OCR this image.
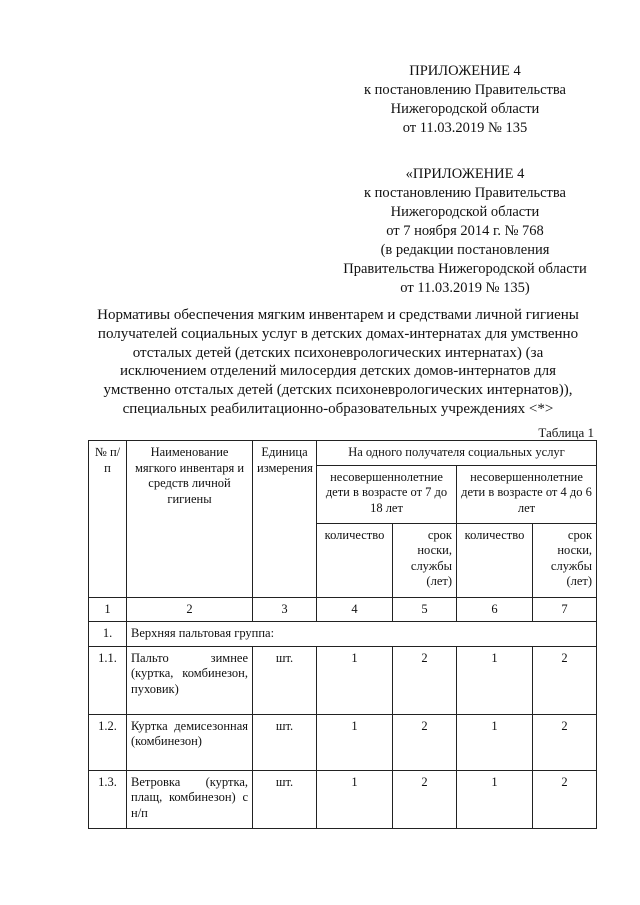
ПРИЛОЖЕНИЕ 4
к постановлению Правительства
Нижегородской области
от 11.03.2019 № 135
«ПРИЛОЖЕНИЕ 4
к постановлению Правительства
Нижегородской области
от 7 ноября 2014 г. № 768
(в редакции постановления
Правительства Нижегородской области
от 11.03.2019 № 135)
Нормативы обеспечения мягким инвентарем и средствами личной гигиены
получателей социальных услуг в детских домах-интернатах для умственно
отсталых детей (детских психоневрологических интернатах) (за
исключением отделений милосердия детских домов-интернатов для
умственно отсталых детей (детских психоневрологических интернатов)),
специальных реабилитационно-образовательных учреждениях <*>
Таблица 1
№ п/п	Наименование мягкого инвентаря и средств личной гигиены	Единица измерения	На одного получателя социальных услуг			
			несовершеннолетние дети в возрасте от 7 до 18 лет		несовершеннолетние дети в возрасте от 4 до 6 лет	
			количество	срок носки, службы (лет)	количество	срок носки, службы (лет)
1	2	3	4	5	6	7
1.	Верхняя пальтовая группа:					
1.1.	Пальто зимнее (куртка, комбинезон, пуховик)	шт.	1	2	1	2
1.2.	Куртка демисезонная (комбинезон)	шт.	1	2	1	2
1.3.	Ветровка (куртка, плащ, комбинезон) с н/п	шт.	1	2	1	2
